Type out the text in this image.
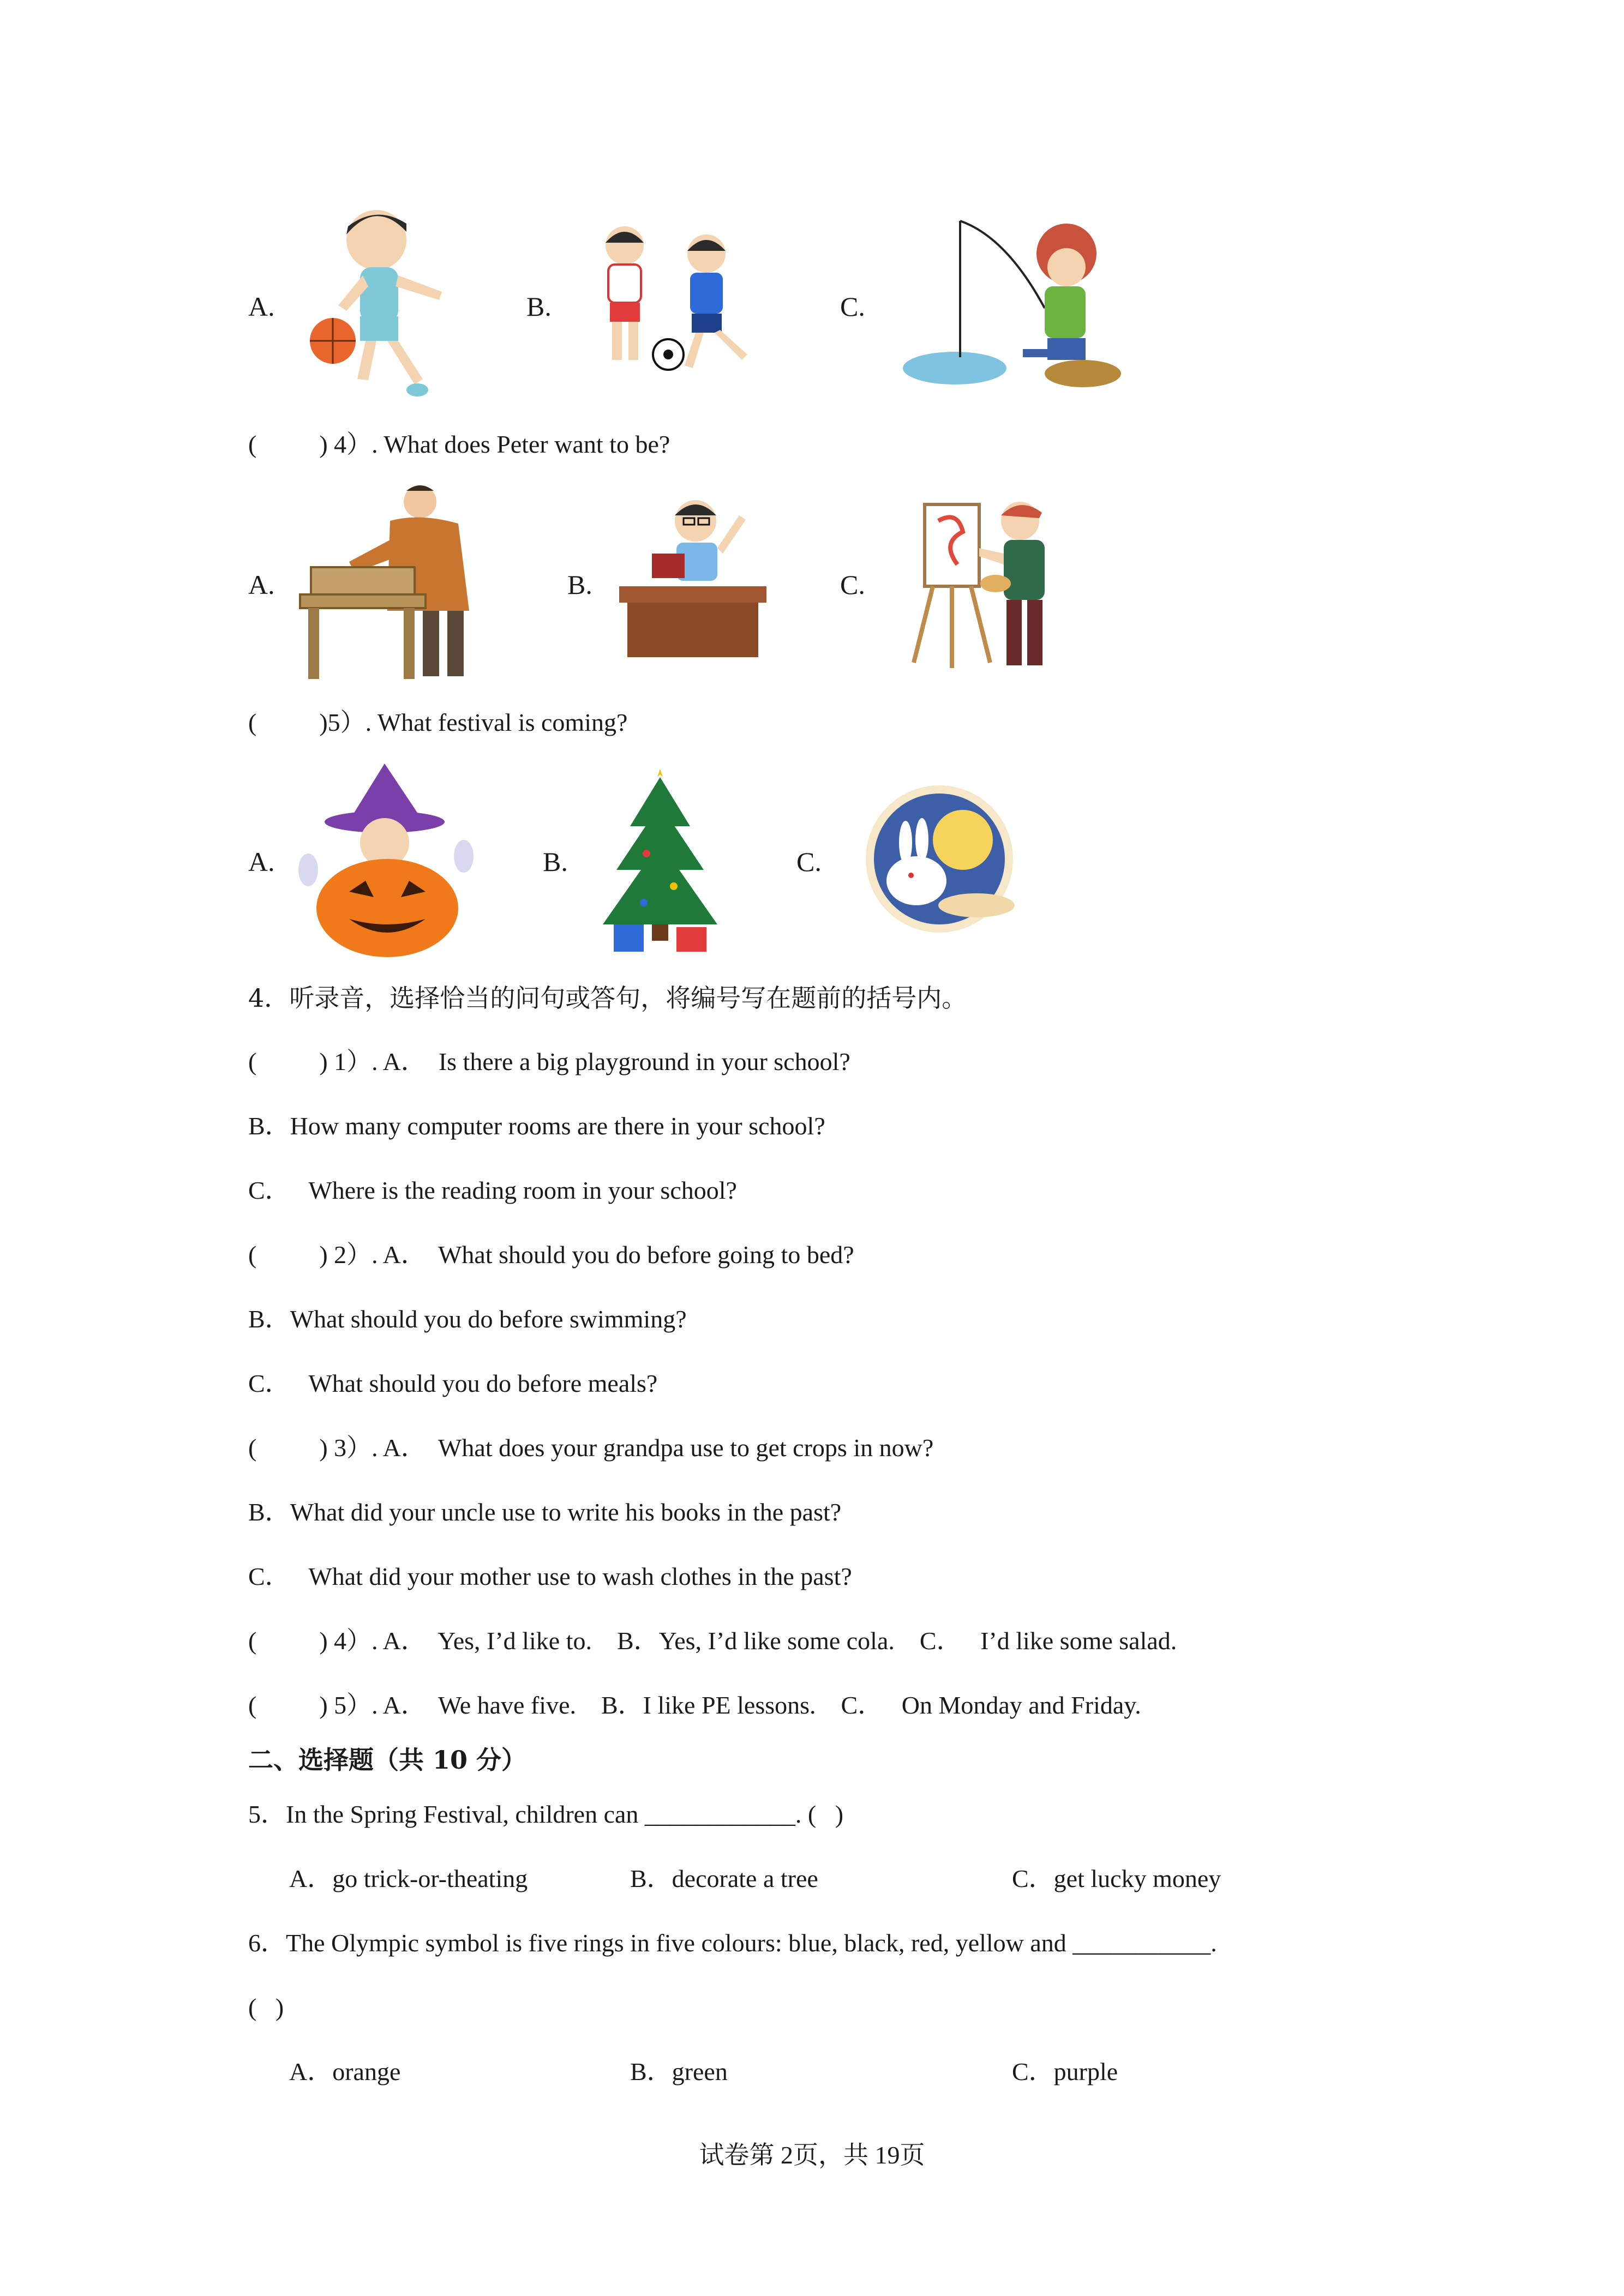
A.	B.	C.
(          ) 4）. What does Peter want to be?
A.	B.	C.
(          )5）. What festival is coming?
A.	B.	C.
4．听录音，选择恰当的问句或答句，将编号写在题前的括号内。
(          ) 1）. A．  Is there a big playground in your school?
B．How many computer rooms are there in your school?
C．   Where is the reading room in your school?
(          ) 2）. A．  What should you do before going to bed?
B．What should you do before swimming?
C．   What should you do before meals?
(          ) 3）. A．  What does your grandpa use to get crops in now?
B．What did your uncle use to write his books in the past?
C．   What did your mother use to wash clothes in the past?
(          ) 4）. A．  Yes, I’d like to.    B．Yes, I’d like some cola.    C．   I’d like some salad.
(          ) 5）. A．  We have five.    B．I like PE lessons.    C．   On Monday and Friday.
二、选择题（共 10 分）
5．In the Spring Festival, children can ____________. (   )
A．go trick-or-theating	B．decorate a tree	C．get lucky money
6．The Olympic symbol is five rings in five colours: blue, black, red, yellow and ___________.
(   )
A．orange	B．green	C．purple
试卷第 2页，共 19页
